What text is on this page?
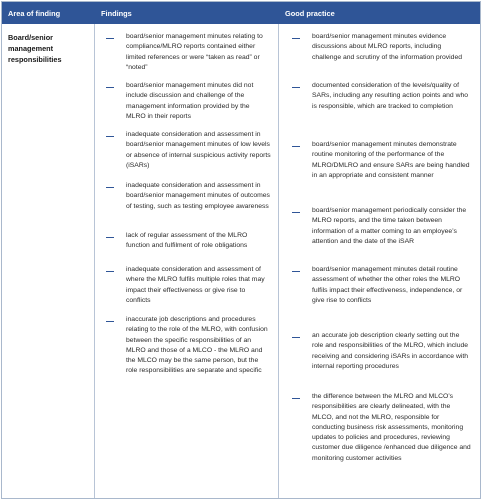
Area of finding	Findings	Good practice
Board/senior management responsibilities
board/senior management minutes relating to compliance/MLRO reports contained either limited references or were “taken as read” or “noted”
board/senior management minutes did not include discussion and challenge of the management information provided by the MLRO in their reports
inadequate consideration and assessment in board/senior management minutes of low levels or absence of internal suspicious activity reports (iSARs)
inadequate consideration and assessment in board/senior management minutes of outcomes of testing, such as testing employee awareness
lack of regular assessment of the MLRO function and fulfilment of role obligations
inadequate consideration and assessment of where the MLRO fulfils multiple roles that may impact their effectiveness or give rise to conflicts
inaccurate job descriptions and procedures relating to the role of the MLRO, with confusion between the specific responsibilities of an MLRO and those of a MLCO - the MLRO and the MLCO may be the same person, but the role responsibilities are separate and specific
board/senior management minutes evidence discussions about MLRO reports, including challenge and scrutiny of the information provided
documented consideration of the levels/quality of SARs, including any resulting action points and who is responsible, which are tracked to completion
board/senior management minutes demonstrate routine monitoring of the performance of the MLRO/DMLRO and ensure SARs are being handled in an appropriate and consistent manner
board/senior management periodically consider the MLRO reports, and the time taken between information of a matter coming to an employee’s attention and the date of the iSAR
board/senior management minutes detail routine assessment of whether the other roles the MLRO fulfils impact their effectiveness, independence, or give rise to conflicts
an accurate job description clearly setting out the role and responsibilities of the MLRO, which include receiving and considering iSARs in accordance with internal reporting procedures
the difference between the MLRO and MLCO’s responsibilities are clearly delineated, with the MLCO, and not the MLRO, responsible for conducting business risk assessments, monitoring updates to policies and procedures, reviewing customer due diligence /enhanced due diligence and monitoring customer activities
